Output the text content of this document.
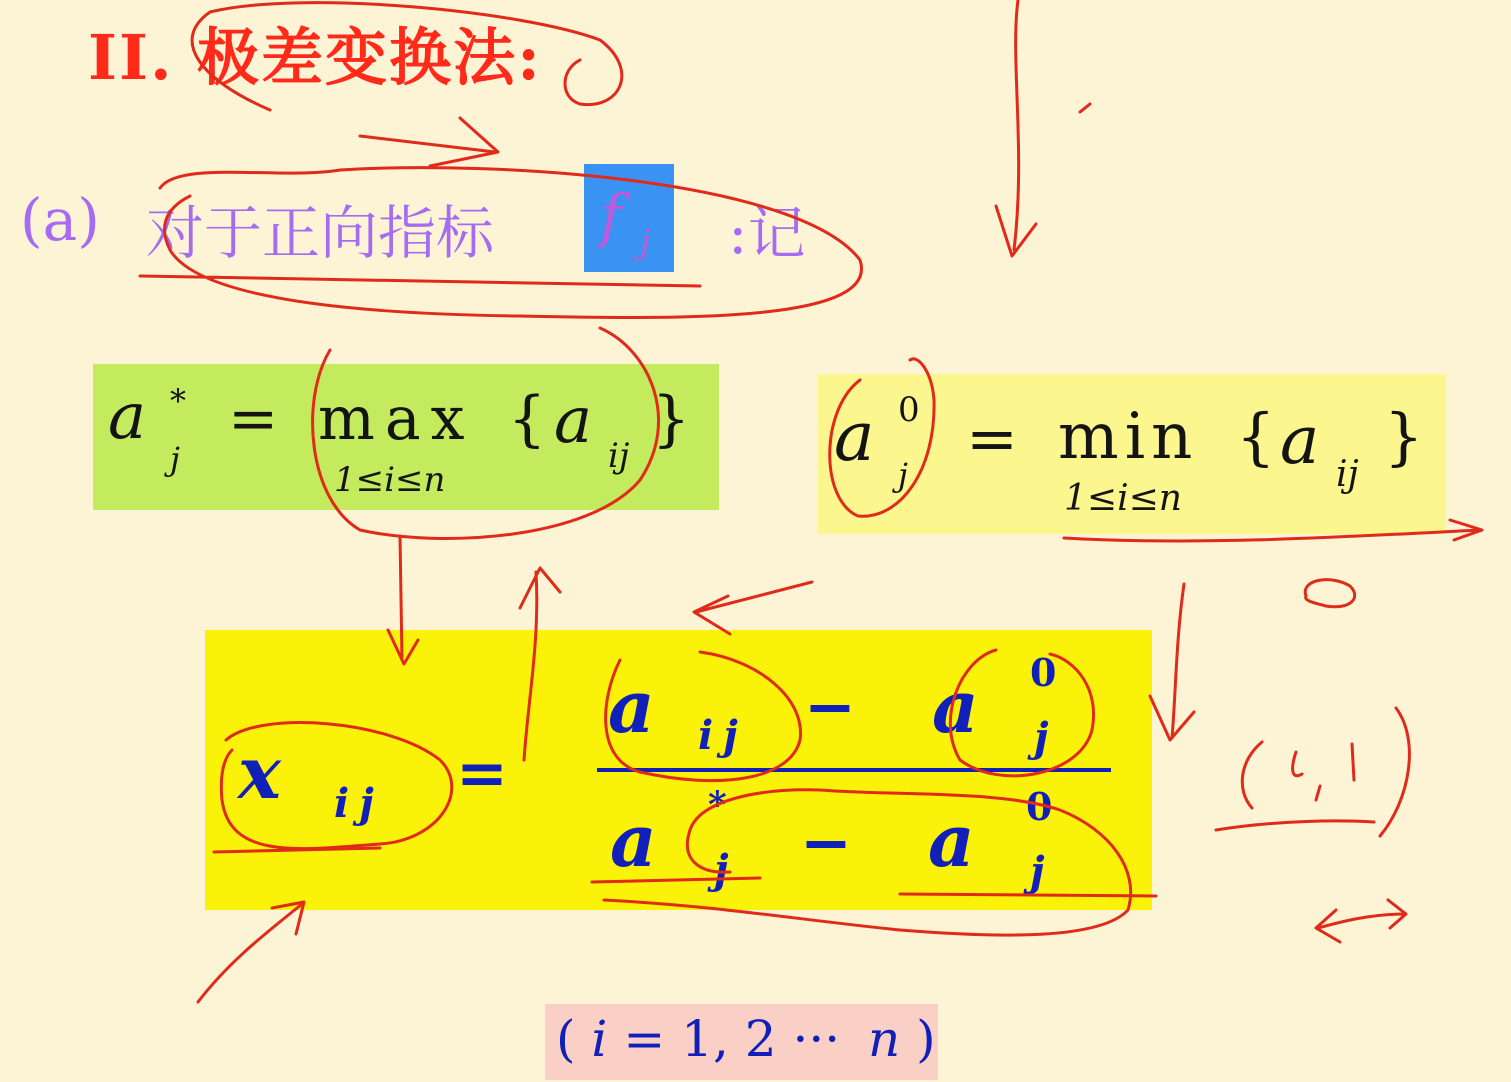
II. 极差变换法:
(a) 对于正向指标 f j :记
a *
j
= max
1≤i≤n
{ a ij
} a 0
j = min
1≤i≤n
{ a ij
}
x ij =
a ij − a 0
j
a *
j − a 0
j
( i = 1, 2 ··· n )
(0,1)
